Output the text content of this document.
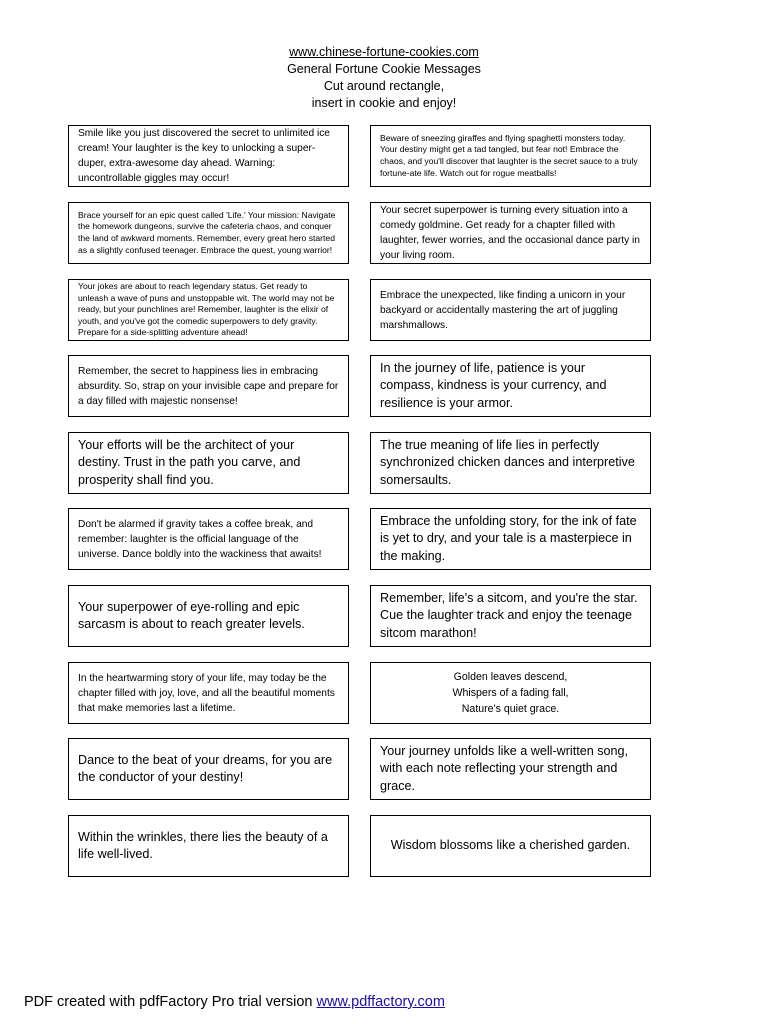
www.chinese-fortune-cookies.com
General Fortune Cookie Messages
Cut around rectangle,
insert in cookie and enjoy!
Smile like you just discovered the secret to unlimited ice cream! Your laughter is the key to unlocking a super-duper, extra-awesome day ahead. Warning: uncontrollable giggles may occur!
Beware of sneezing giraffes and flying spaghetti monsters today. Your destiny might get a tad tangled, but fear not! Embrace the chaos, and you'll discover that laughter is the secret sauce to a truly fortune-ate life. Watch out for rogue meatballs!
Brace yourself for an epic quest called 'Life.' Your mission: Navigate the homework dungeons, survive the cafeteria chaos, and conquer the land of awkward moments. Remember, every great hero started as a slightly confused teenager. Embrace the quest, young warrior!
Your secret superpower is turning every situation into a comedy goldmine. Get ready for a chapter filled with laughter, fewer worries, and the occasional dance party in your living room.
Your jokes are about to reach legendary status. Get ready to unleash a wave of puns and unstoppable wit. The world may not be ready, but your punchlines are! Remember, laughter is the elixir of youth, and you've got the comedic superpowers to defy gravity. Prepare for a side-splitting adventure ahead!
Embrace the unexpected, like finding a unicorn in your backyard or accidentally mastering the art of juggling marshmallows.
Remember, the secret to happiness lies in embracing absurdity. So, strap on your invisible cape and prepare for a day filled with majestic nonsense!
In the journey of life, patience is your compass, kindness is your currency, and resilience is your armor.
Your efforts will be the architect of your destiny. Trust in the path you carve, and prosperity shall find you.
The true meaning of life lies in perfectly synchronized chicken dances and interpretive somersaults.
Don't be alarmed if gravity takes a coffee break, and remember: laughter is the official language of the universe. Dance boldly into the wackiness that awaits!
Embrace the unfolding story, for the ink of fate is yet to dry, and your tale is a masterpiece in the making.
Your superpower of eye-rolling and epic sarcasm is about to reach greater levels.
Remember, life's a sitcom, and you're the star. Cue the laughter track and enjoy the teenage sitcom marathon!
In the heartwarming story of your life, may today be the chapter filled with joy, love, and all the beautiful moments that make memories last a lifetime.
Golden leaves descend,
Whispers of a fading fall,
Nature's quiet grace.
Dance to the beat of your dreams, for you are the conductor of your destiny!
Your journey unfolds like a well-written song, with each note reflecting your strength and grace.
Within the wrinkles, there lies the beauty of a life well-lived.
Wisdom blossoms like a cherished garden.
PDF created with pdfFactory Pro trial version www.pdffactory.com
